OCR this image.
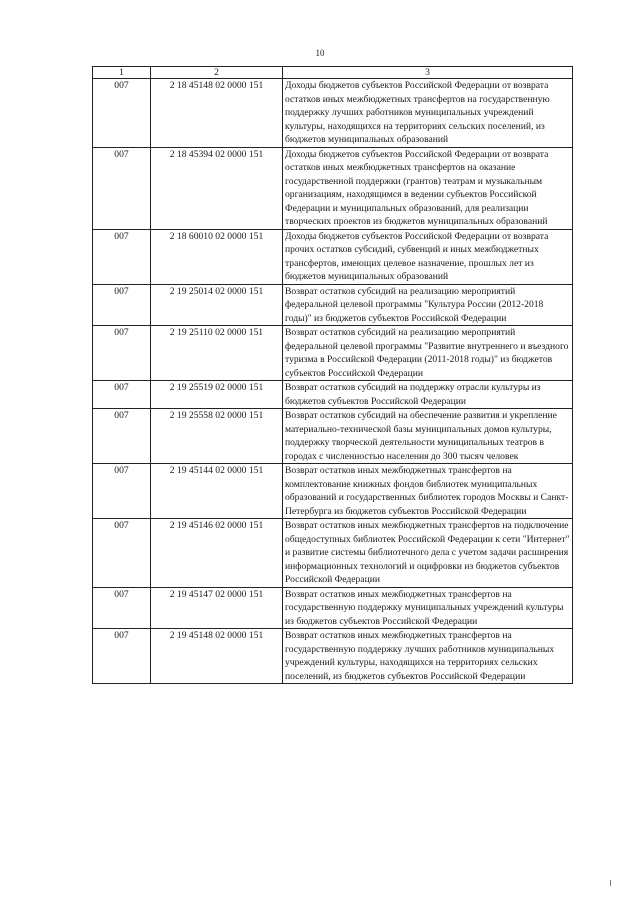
10
1	2	3
007	2 18 45148 02 0000 151	Доходы бюджетов субъектов Российской Федерации от возврата остатков иных межбюджетных трансфертов на государственную поддержку лучших работников муниципальных учреждений культуры, находящихся на территориях сельских поселений, из бюджетов муниципальных образований
007	2 18 45394 02 0000 151	Доходы бюджетов субъектов Российской Федерации от возврата остатков иных межбюджетных трансфертов на оказание государственной поддержки (грантов) театрам и музыкальным организациям, находящимся в ведении субъектов Российской Федерации и муниципальных образований, для реализации творческих проектов из бюджетов муниципальных образований
007	2 18 60010 02 0000 151	Доходы бюджетов субъектов Российской Федерации от возврата прочих остатков субсидий, субвенций и иных межбюджетных трансфертов, имеющих целевое назначение, прошлых лет из бюджетов муниципальных образований
007	2 19 25014 02 0000 151	Возврат остатков субсидий на реализацию мероприятий федеральной целевой программы "Культура России (2012-2018 годы)" из бюджетов субъектов Российской Федерации
007	2 19 25110 02 0000 151	Возврат остатков субсидий на реализацию мероприятий федеральной целевой программы "Развитие внутреннего и въездного туризма в Российской Федерации (2011-2018 годы)" из бюджетов субъектов Российской Федерации
007	2 19 25519 02 0000 151	Возврат остатков субсидий на поддержку отрасли культуры из бюджетов субъектов Российской Федерации
007	2 19 25558 02 0000 151	Возврат остатков субсидий на обеспечение развития и укрепление материально-технической базы муниципальных домов культуры, поддержку творческой деятельности муниципальных театров в городах с численностью населения до 300 тысяч человек
007	2 19 45144 02 0000 151	Возврат остатков иных межбюджетных трансфертов на комплектование книжных фондов библиотек муниципальных образований и государственных библиотек городов Москвы и Санкт-Петербурга из бюджетов субъектов Российской Федерации
007	2 19 45146 02 0000 151	Возврат остатков иных межбюджетных трансфертов на подключение общедоступных библиотек Российской Федерации к сети "Интернет" и развитие системы библиотечного дела с учетом задачи расширения информационных технологий и оцифровки из бюджетов субъектов Российской Федерации
007	2 19 45147 02 0000 151	Возврат остатков иных межбюджетных трансфертов на государственную поддержку муниципальных учреждений культуры из бюджетов субъектов Российской Федерации
007	2 19 45148 02 0000 151	Возврат остатков иных межбюджетных трансфертов на государственную поддержку лучших работников муниципальных учреждений культуры, находящихся на территориях сельских поселений, из бюджетов субъектов Российской Федерации
